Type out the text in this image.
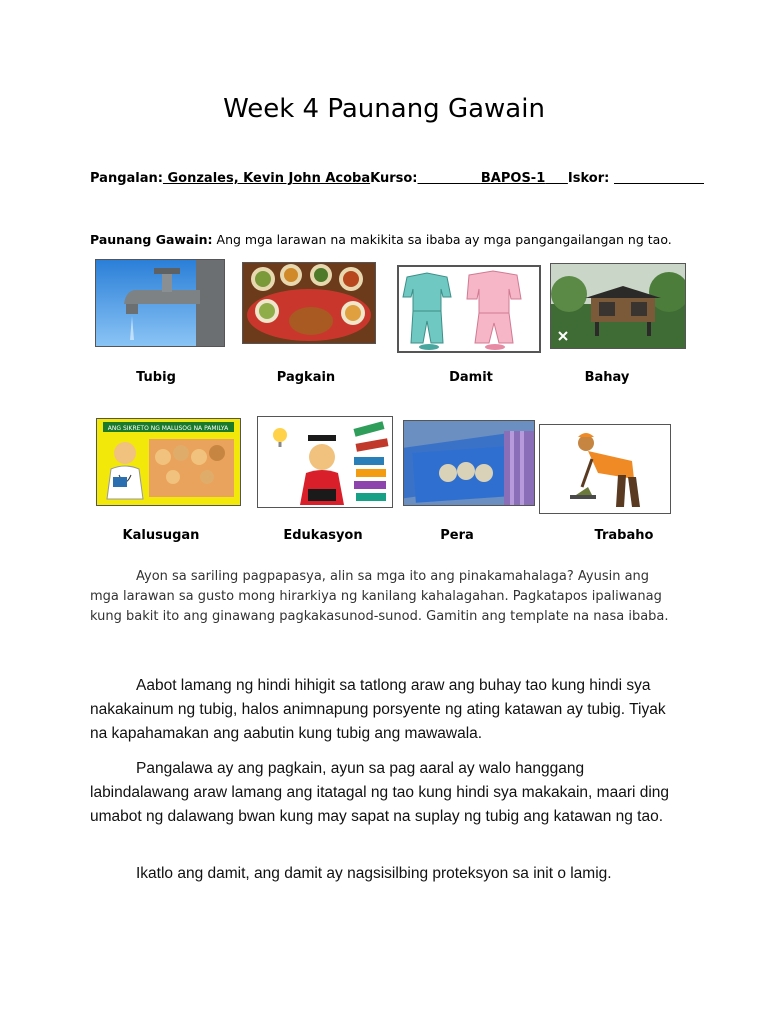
Week 4 Paunang Gawain
Pangalan: Gonzales, Kevin John AcobaKurso:	BAPOS-1 Iskor:
Paunang Gawain: Ang mga larawan na makikita sa ibaba ay mga pangangailangan ng tao.
Tubig	Pagkain	Damit	Bahay
ANG SIKRETO NG MALUSOG NA PAMILYA
Kalusugan	Edukasyon	Pera	Trabaho
Ayon sa sariling pagpapasya, alin sa mga ito ang pinakamahalaga? Ayusin ang mga larawan sa gusto mong hirarkiya ng kanilang kahalagahan. Pagkatapos ipaliwanag kung bakit ito ang ginawang pagkakasunod-sunod. Gamitin ang template na nasa ibaba.
Aabot lamang ng hindi hihigit sa tatlong araw ang buhay tao kung hindi sya nakakainum ng tubig, halos animnapung porsyente ng ating katawan ay tubig. Tiyak na kapahamakan ang aabutin kung tubig ang mawawala.
Pangalawa ay ang pagkain, ayun sa pag aaral ay walo hanggang labindalawang araw lamang ang itatagal ng tao kung hindi sya makakain, maari ding umabot ng dalawang bwan kung may sapat na suplay ng tubig ang katawan ng tao.
Ikatlo ang damit, ang damit ay nagsisilbing proteksyon sa init o lamig.
